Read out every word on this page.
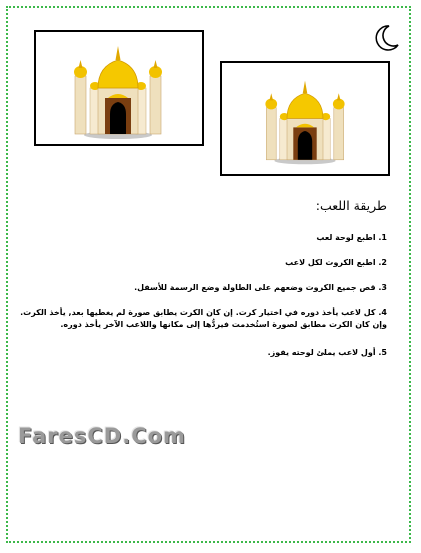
طريقة اللعب:
1. اطبع لوحة لعب
2. اطبع الكروت لكل لاعب
3. قص جميع الكروت وضعهم على الطاولة وضع الرسمة للأسفل.
4. كل لاعب يأخذ دوره في اختيار كرت. إن كان الكرت يطابق صورة لم يغطيها بعد, يأخذ الكرت.
وإن كان الكرت مطابق لصورة استُخدمت فيردُّها إلى مكانها واللاعب الآخر يأخذ دوره.
5. أول لاعب يملئ لوحته يفوز.
FaresCD.Com
